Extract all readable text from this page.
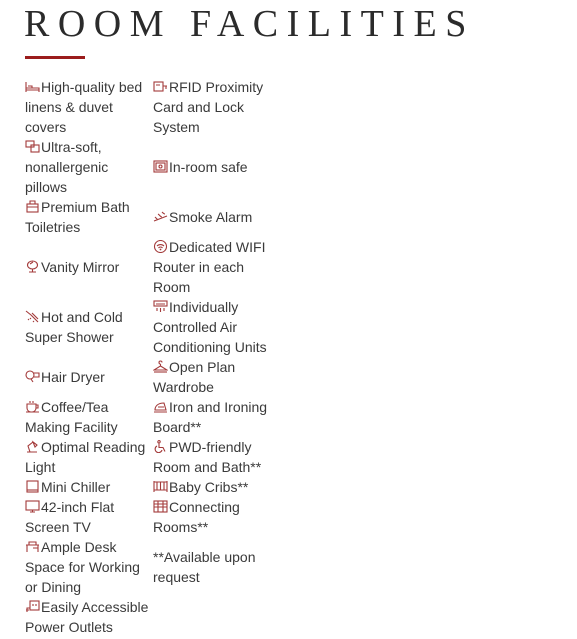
ROOM FACILITIES
High-quality bed linens & duvet covers
Ultra-soft, nonallergenic pillows
Premium Bath Toiletries
Vanity Mirror
Hot and Cold Super Shower
Hair Dryer
Coffee/Tea Making Facility
Optimal Reading Light
Mini Chiller
42-inch Flat Screen TV
Ample Desk Space for Working or Dining
Easily Accessible Power Outlets
RFID Proximity Card and Lock System
In-room safe
Smoke Alarm
Dedicated WIFI Router in each Room
Individually Controlled Air Conditioning Units
Open Plan Wardrobe
Iron and Ironing Board**
PWD-friendly Room and Bath**
Baby Cribs**
Connecting Rooms**
**Available upon request
